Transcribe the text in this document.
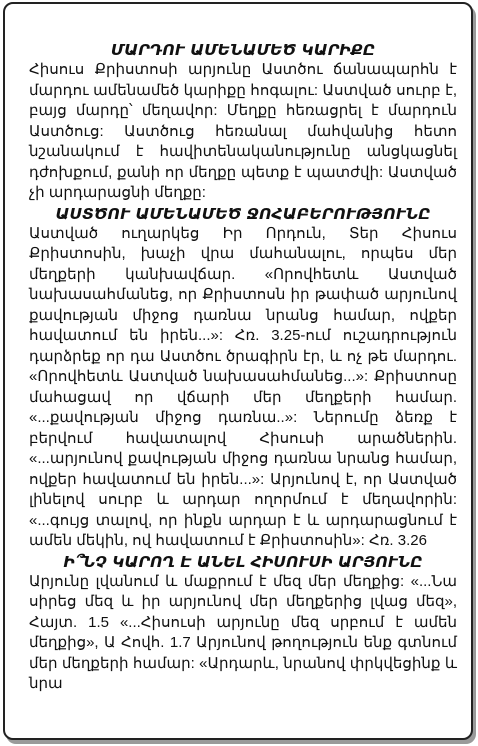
ՄԱՐԴՈՒ ԱՄԵՆԱՄԵԾ ԿԱՐԻՔԸ

Հիսուս Քրիստոսի արյունը Աստծու ճանապարհն է մարդու ամենամեծ կարիքը հոգալու: Աստված սուրբ է, բայց մարդը՝ մեղավոր: Մեղքը հեռացրել է մարդուն Աստծուց: Աստծուց հեռանալ մահվանից հետո նշանակում է հավիտենականությունը անցկացնել դժոխքում, քանի որ մեղքը պետք է պատժվի: Աստված չի արդարացնի մեղքը:

ԱՍՏԾՈՒ ԱՄԵՆԱՄԵԾ ՋՈՀԱԲԵՐՈՒԹՅՈՒՆԸ

Աստված ուղարկեց Իր Որդուն, Տեր Հիսուս Քրիստոսին, խաչի վրա մահանալու, որպես մեր մեղքերի կանխավճար. «Որովհետև Աստված նախասահմանեց, որ Քրիստոսն իր թափած արյունով քավության միջոց դառնա նրանց համար, ովքեր հավատում են իրեն...»: Հռ. 3.25-ում ուշադրություն դարձրեք որ դա Աստծու ծրագիրն էր, և ոչ թե մարդու. «Որովհետև Աստված նախասահմանեց...»: Քրիստոսը մահացավ որ վճարի մեր մեղքերի համար. «...քավության միջոց դառնա..»: Ներումը ձեռք է բերվում հավատալով Հիսուսի արածներին. «...արյունով քավության միջոց դառնա նրանց համար, ովքեր հավատում են իրեն...»: Արյունով է, որ Աստված լինելով սուրբ և արդար ողորմում է մեղավորին: «...գույց տալով, որ ինքն արդար է և արդարացնում է ամեն մեկին, ով հավատում է Քրիստոսին»: Հռ. 3.26

Ի՞ՆՉ ԿԱՐՈՂ Է ԱՆԵԼ ՀԻՍՈՒՍԻ ԱՐՅՈՒՆԸ

Արյունը լվանում և մաքրում է մեզ մեր մեղքից: «...Նա սիրեց մեզ և իր արյունով մեր մեղքերից լվաց մեզ», Հայտ. 1.5 «...Հիսուսի արյունը մեզ սրբում է ամեն մեղքից», Ա Հովհ. 1.7 Արյունով թողություն ենք գտնում մեր մեղքերի համար: «Արդարև, նրանով փրկվեցինք և նրա
